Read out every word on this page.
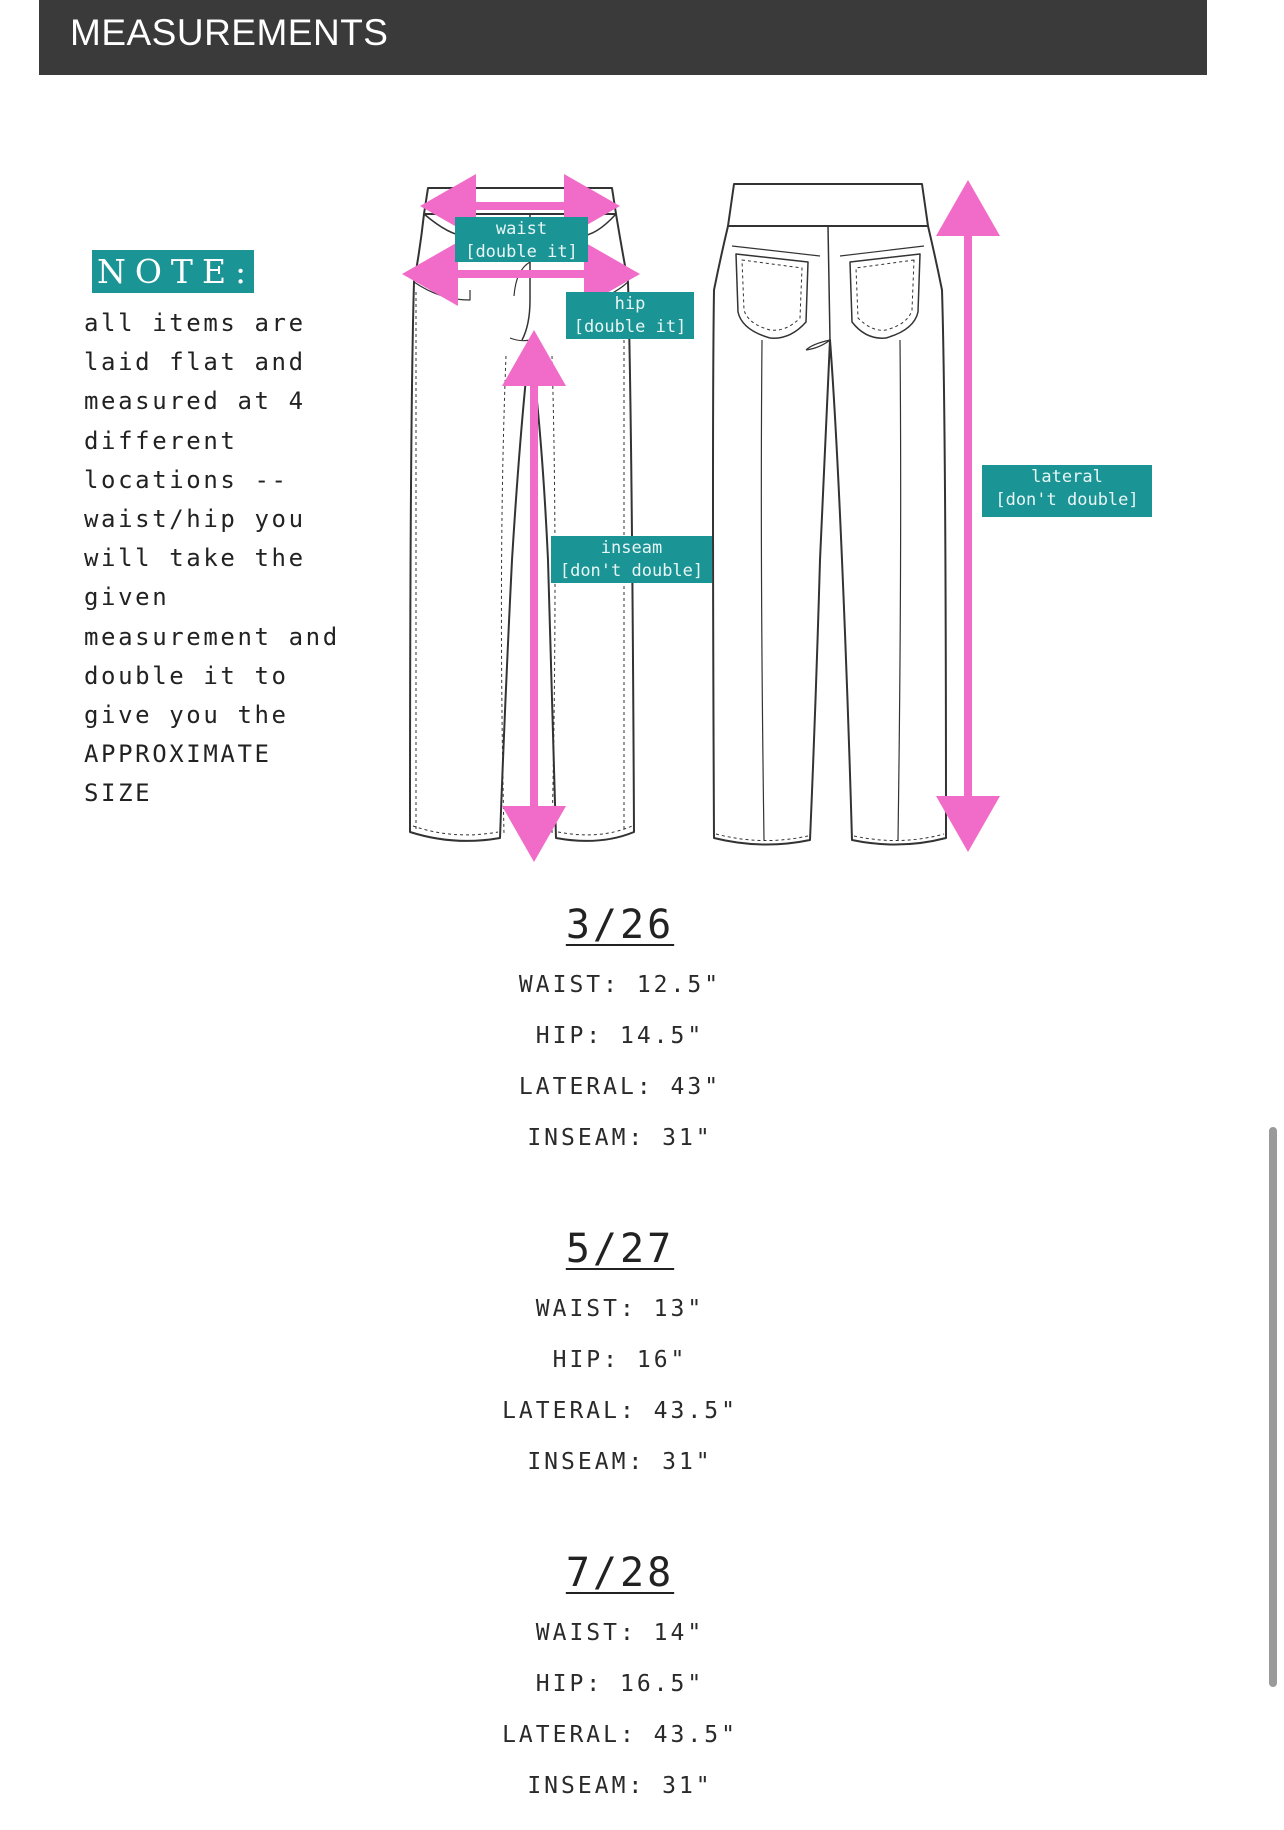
MEASUREMENTS
NOTE::
all items are
laid flat and
measured at 4
different
locations --
waist/hip you
will take the
given
measurement and
double it to
give you the
APPROXIMATE
SIZE
waist
[double it]
hip
[double it]
inseam
[don't double]
lateral
[don't double]
3/26
WAIST: 12.5"
HIP: 14.5"
LATERAL: 43"
INSEAM: 31"
5/27
WAIST: 13"
HIP: 16"
LATERAL: 43.5"
INSEAM: 31"
7/28
WAIST: 14"
HIP: 16.5"
LATERAL: 43.5"
INSEAM: 31"
